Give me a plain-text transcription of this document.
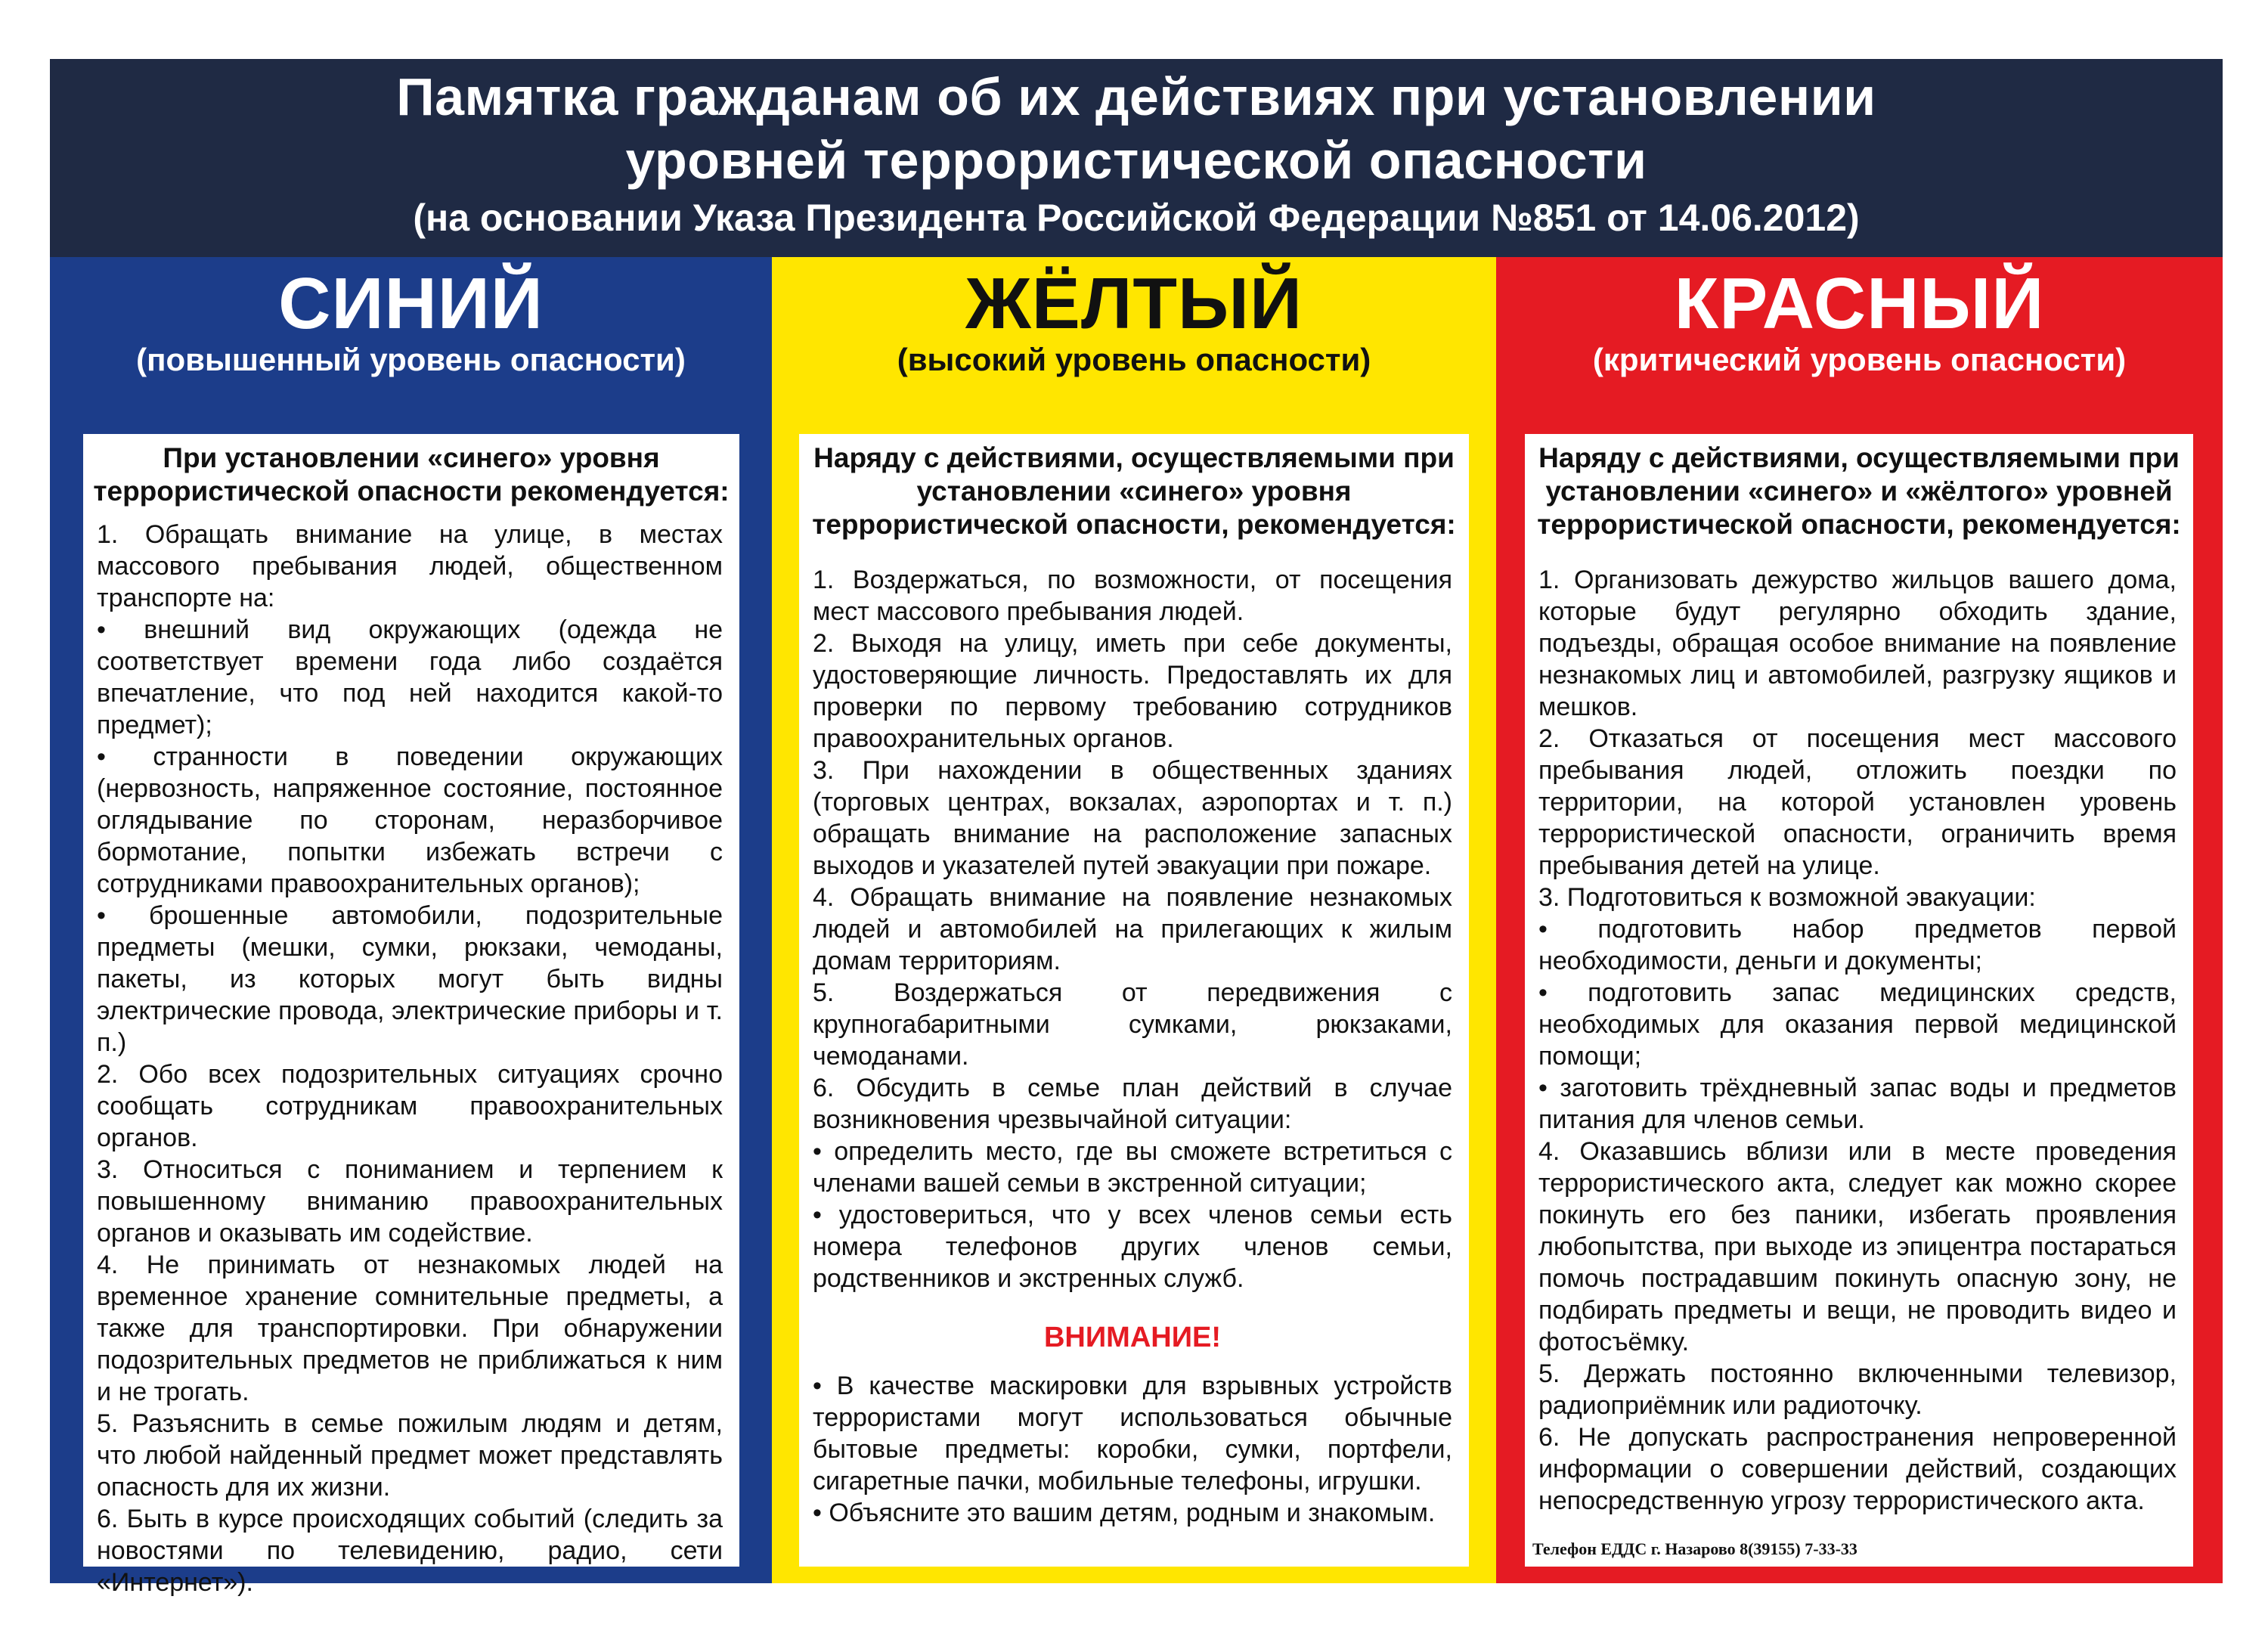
Памятка гражданам об их действиях при установлении
уровней террористической опасности
(на основании Указа Президента Российской Федерации №851 от 14.06.2012)
СИНИЙ
(повышенный уровень опасности)
При установлении «синего» уровня террористической опасности рекомендуется:

1. Обращать внимание на улице, в местах массового пребывания людей, общественном транспорте на:

• внешний вид окружающих (одежда не соответствует времени года либо создаётся впечатление, что под ней находится какой-то предмет);

• странности в поведении окружающих (нервозность, напряженное состояние, постоянное оглядывание по сторонам, неразборчивое бормотание, попытки избежать встречи с сотрудниками правоохранительных органов);

• брошенные автомобили, подозрительные предметы (мешки, сумки, рюкзаки, чемоданы, пакеты, из которых могут быть видны электрические провода, электрические приборы и т. п.)

2. Обо всех подозрительных ситуациях срочно сообщать сотрудникам правоохранительных органов.

3. Относиться с пониманием и терпением к повышенному вниманию правоохранительных органов и оказывать им содействие.

4. Не принимать от незнакомых людей на временное хранение сомнительные предметы, а также для транспортировки. При обнаружении подозрительных предметов не приближаться к ним и не трогать.

5. Разъяснить в семье пожилым людям и детям, что любой найденный предмет может представлять опасность для их жизни.

6. Быть в курсе происходящих событий (следить за новостями по телевидению, радио, сети «Интернет»).

ЖЁЛТЫЙ
(высокий уровень опасности)
Наряду с действиями, осуществляемыми при установлении «синего» уровня террористической опасности, рекомендуется:

1. Воздержаться, по возможности, от посещения мест массового пребывания людей.

2. Выходя на улицу, иметь при себе документы, удостоверяющие личность. Предоставлять их для проверки по первому требованию сотрудников правоохранительных органов.

3. При нахождении в общественных зданиях (торговых центрах, вокзалах, аэропортах и т. п.) обращать внимание на расположение запасных выходов и указателей путей эвакуации при пожаре.

4. Обращать внимание на появление незнакомых людей и автомобилей на прилегающих к жилым домам территориям.

5. Воздержаться от передвижения с крупногабаритными сумками, рюкзаками, чемоданами.

6. Обсудить в семье план действий в случае возникновения чрезвычайной ситуации:

• определить место, где вы сможете встретиться с членами вашей семьи в экстренной ситуации;

• удостовериться, что у всех членов семьи есть номера телефонов других членов семьи, родственников и экстренных служб.

ВНИМАНИЕ!

• В качестве маскировки для взрывных устройств террористами могут использоваться обычные бытовые предметы: коробки, сумки, портфели, сигаретные пачки, мобильные телефоны, игрушки.

• Объясните это вашим детям, родным и знакомым.

КРАСНЫЙ
(критический уровень опасности)
Наряду с действиями, осуществляемыми при установлении «синего» и «жёлтого» уровней террористической опасности, рекомендуется:

1. Организовать дежурство жильцов вашего дома, которые будут регулярно обходить здание, подъезды, обращая особое внимание на появление незнакомых лиц и автомобилей, разгрузку ящиков и мешков.

2. Отказаться от посещения мест массового пребывания людей, отложить поездки по территории, на которой установлен уровень террористической опасности, ограничить время пребывания детей на улице.

3. Подготовиться к возможной эвакуации:

• подготовить набор предметов первой необходимости, деньги и документы;

• подготовить запас медицинских средств, необходимых для оказания первой медицинской помощи;

• заготовить трёхдневный запас воды и предметов питания для членов семьи.

4. Оказавшись вблизи или в месте проведения террористического акта, следует как можно скорее покинуть его без паники, избегать проявления любопытства, при выходе из эпицентра постараться помочь пострадавшим покинуть опасную зону, не подбирать предметы и вещи, не проводить видео и фотосъёмку.

5. Держать постоянно включенными телевизор, радиоприёмник или радиоточку.

6. Не допускать распространения непроверенной информации о совершении действий, создающих непосредственную угрозу террористического акта.

Телефон ЕДДС г. Назарово 8(39155) 7-33-33
